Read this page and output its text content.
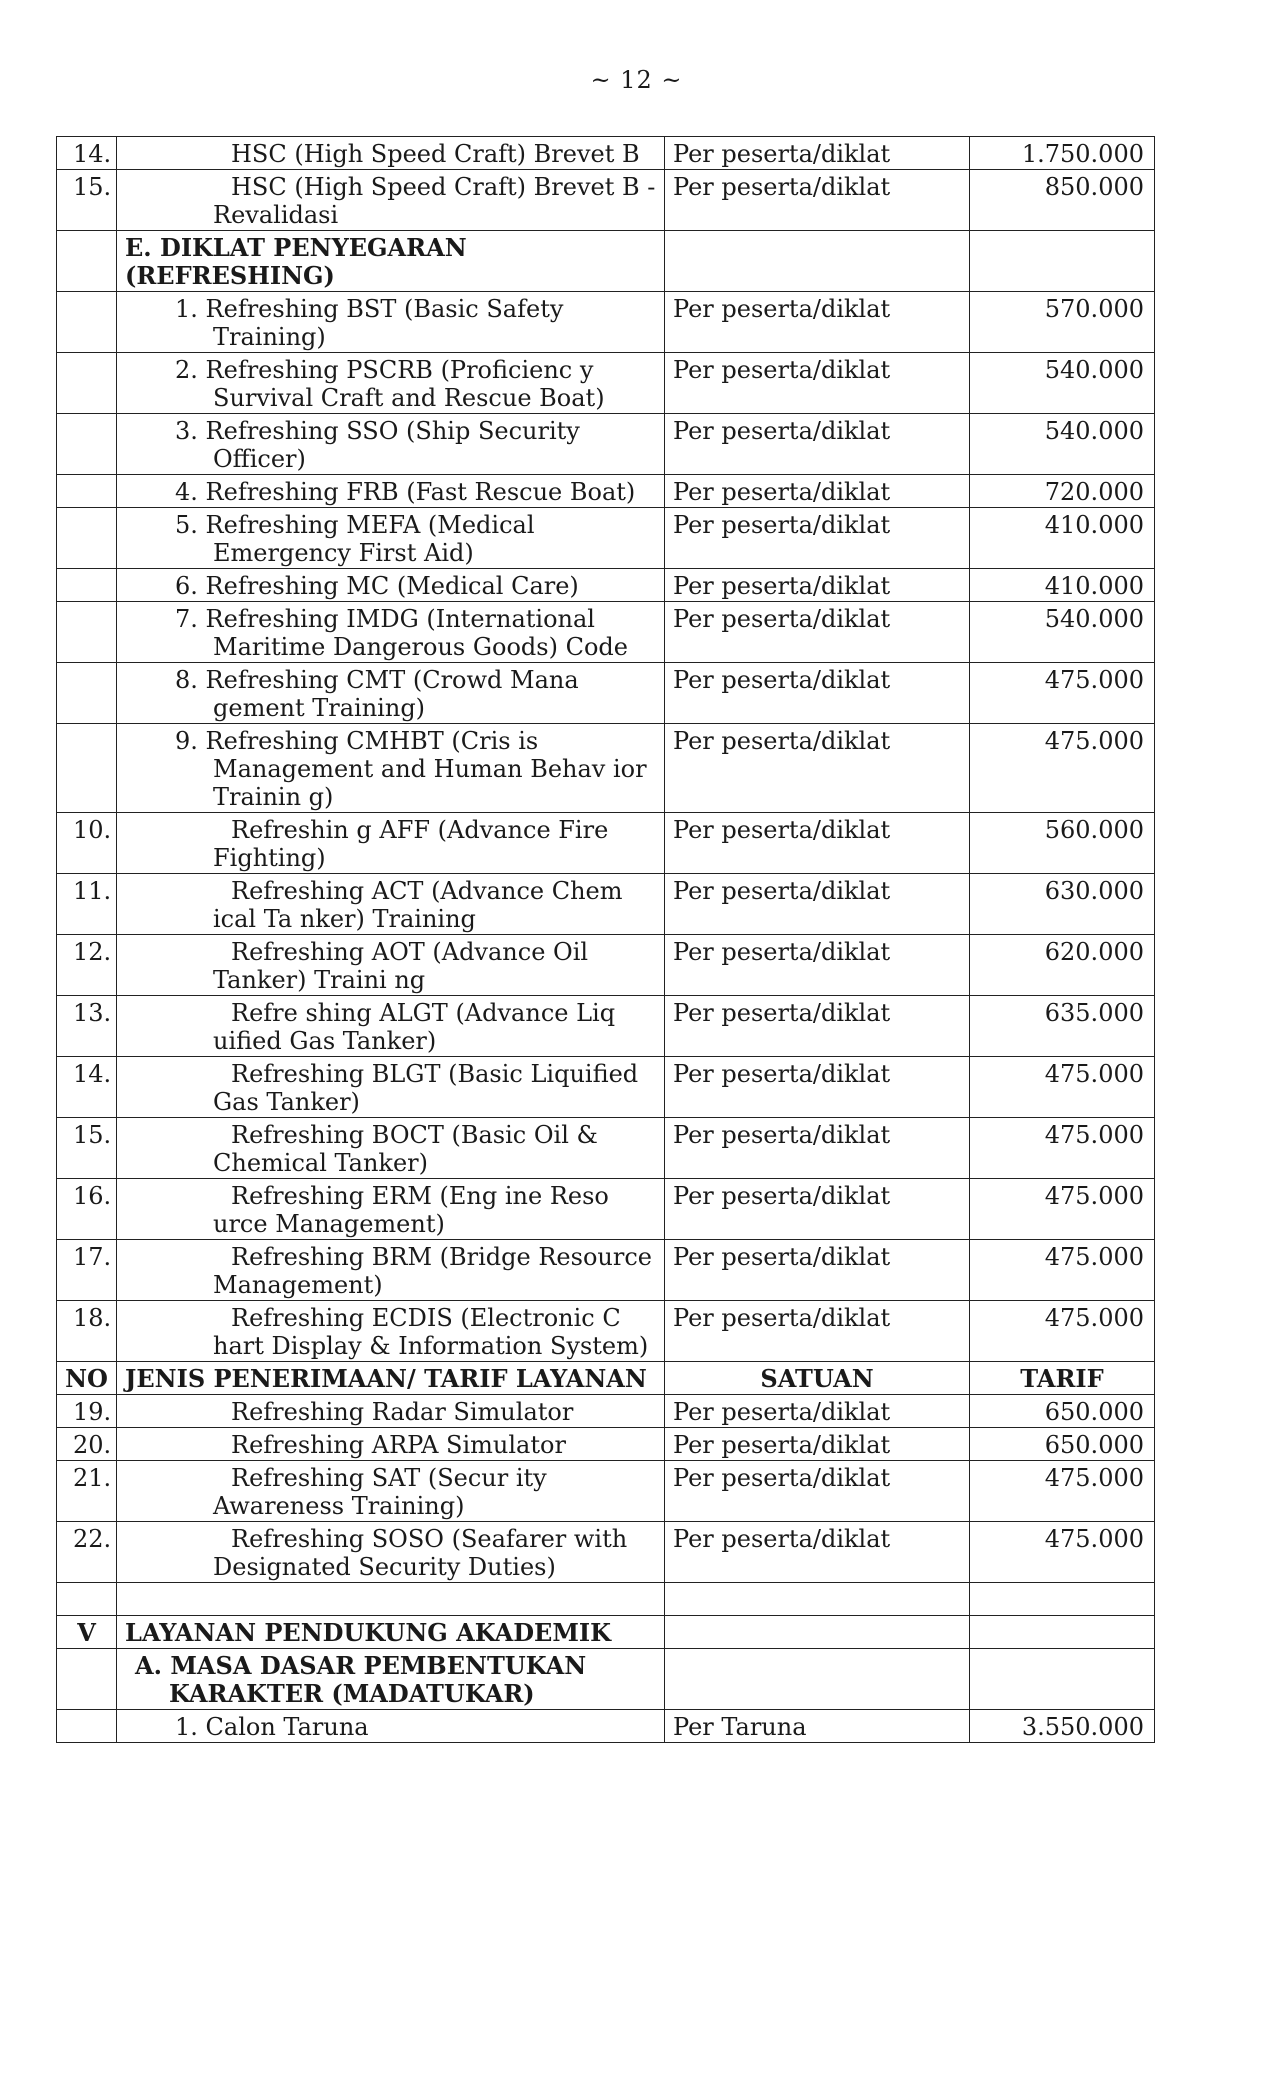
~ 12 ~
	14. HSC (High Speed Craft) Brevet B	Per peserta/diklat	1.750.000
	15. HSC (High Speed Craft) Brevet B - Revalidasi	Per peserta/diklat	850.000
	E. DIKLAT PENYEGARAN (REFRESHING)		
	1. Refreshing BST (Basic Safety Training)	Per peserta/diklat	570.000
	2. Refreshing PSCRB (Proficienc y Survival Craft and Rescue Boat)	Per peserta/diklat	540.000
	3. Refreshing SSO (Ship Security Officer)	Per peserta/diklat	540.000
	4. Refreshing FRB (Fast Rescue Boat)	Per peserta/diklat	720.000
	5. Refreshing MEFA (Medical Emergency First Aid)	Per peserta/diklat	410.000
	6. Refreshing MC (Medical Care)	Per peserta/diklat	410.000
	7. Refreshing IMDG (International Maritime Dangerous Goods) Code	Per peserta/diklat	540.000
	8. Refreshing CMT (Crowd Mana gement Training)	Per peserta/diklat	475.000
	9. Refreshing CMHBT (Cris is Management and Human Behav ior Trainin g)	Per peserta/diklat	475.000
	10. Refreshin g AFF (Advance Fire Fighting)	Per peserta/diklat	560.000
	11. Refreshing ACT (Advance Chem ical Ta nker) Training	Per peserta/diklat	630.000
	12. Refreshing AOT (Advance Oil Tanker) Traini ng	Per peserta/diklat	620.000
	13. Refre shing ALGT (Advance Liq uified Gas Tanker)	Per peserta/diklat	635.000
	14. Refreshing BLGT (Basic Liquified Gas Tanker)	Per peserta/diklat	475.000
	15. Refreshing BOCT (Basic Oil & Chemical Tanker)	Per peserta/diklat	475.000
	16. Refreshing ERM (Eng ine Reso urce Management)	Per peserta/diklat	475.000
	17. Refreshing BRM (Bridge Resource Management)	Per peserta/diklat	475.000
	18. Refreshing ECDIS (Electronic C hart Display & Information System)	Per peserta/diklat	475.000
NO	JENIS PENERIMAAN/ TARIF LAYANAN	SATUAN	TARIF
	19. Refreshing Radar Simulator	Per peserta/diklat	650.000
	20. Refreshing ARPA Simulator	Per peserta/diklat	650.000
	21. Refreshing SAT (Secur ity Awareness Training)	Per peserta/diklat	475.000
	22. Refreshing SOSO (Seafarer with Designated Security Duties)	Per peserta/diklat	475.000

V	LAYANAN PENDUKUNG AKADEMIK		
	A. MASA DASAR PEMBENTUKAN KARAKTER (MADATUKAR)		
	1. Calon Taruna	Per Taruna	3.550.000
